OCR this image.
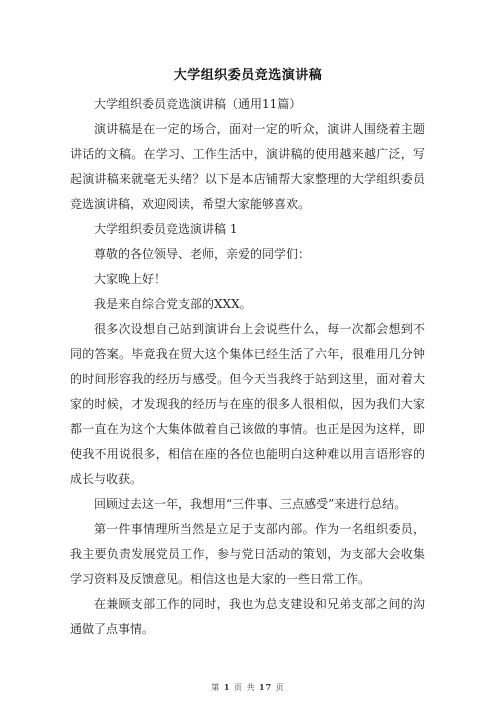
大学组织委员竞选演讲稿

大学组织委员竞选演讲稿（通用11篇）

演讲稿是在一定的场合，面对一定的听众，演讲人围绕着主题讲话的文稿。在学习、工作生活中，演讲稿的使用越来越广泛，写起演讲稿来就毫无头绪？以下是本店铺帮大家整理的大学组织委员竞选演讲稿，欢迎阅读，希望大家能够喜欢。

大学组织委员竞选演讲稿 1

尊敬的各位领导、老师，亲爱的同学们：

大家晚上好！

我是来自综合党支部的XXX。

很多次设想自己站到演讲台上会说些什么，每一次都会想到不同的答案。毕竟我在贸大这个集体已经生活了六年，很难用几分钟的时间形容我的经历与感受。但今天当我终于站到这里，面对着大家的时候，才发现我的经历与在座的很多人很相似，因为我们大家都一直在为这个大集体做着自己该做的事情。也正是因为这样，即使我不用说很多，相信在座的各位也能明白这种难以用言语形容的成长与收获。

回顾过去这一年，我想用“三件事、三点感受”来进行总结。

第一件事情理所当然是立足于支部内部。作为一名组织委员，我主要负责发展党员工作，参与党日活动的策划，为支部大会收集学习资料及反馈意见。相信这也是大家的一些日常工作。

在兼顾支部工作的同时，我也为总支建设和兄弟支部之间的沟通做了点事情。

第 1 页 共 17 页
